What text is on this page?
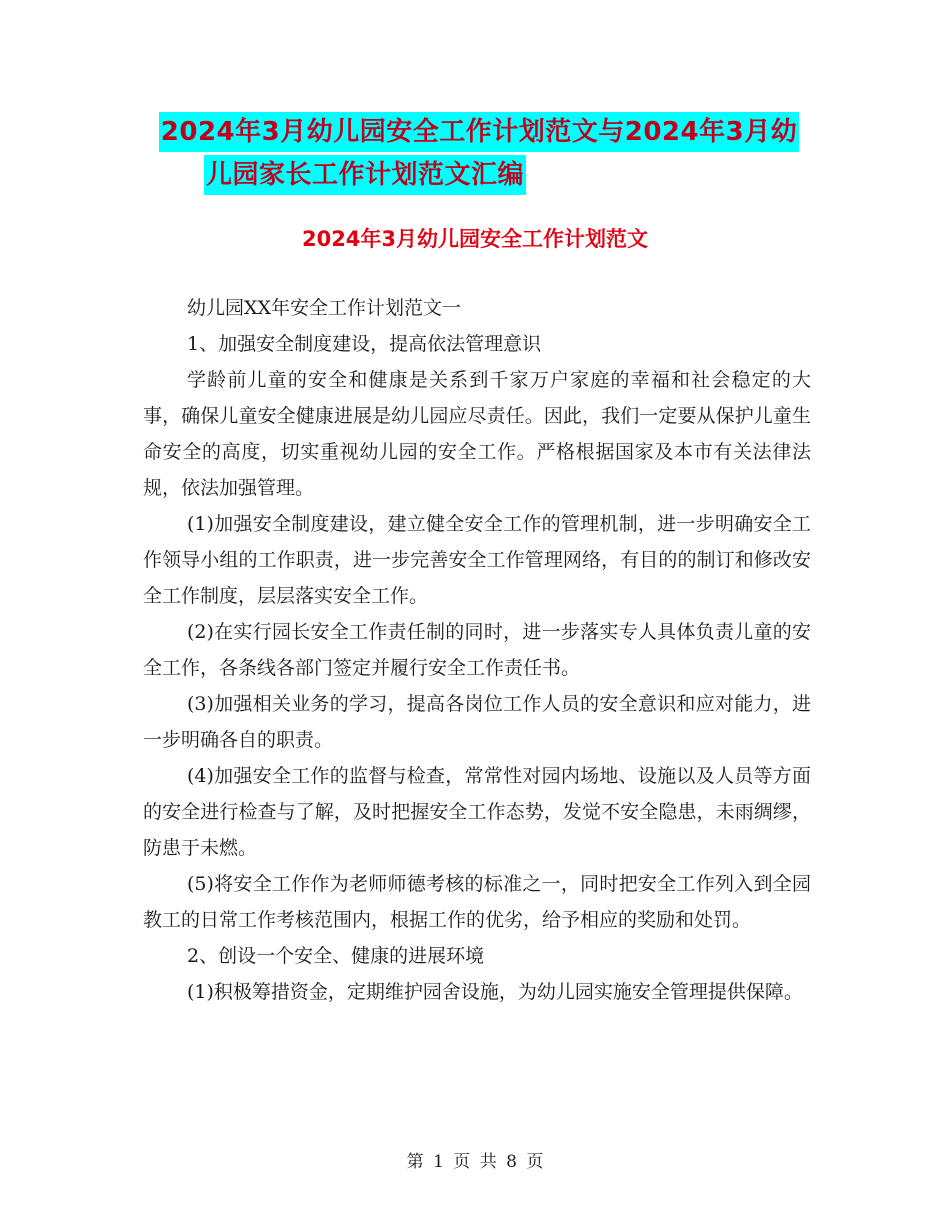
2024年3月幼儿园安全工作计划范文与2024年3月幼
儿园家长工作计划范文汇编
2024年3月幼儿园安全工作计划范文

幼儿园XX年安全工作计划范文一

1、加强安全制度建设，提高依法管理意识

学龄前儿童的安全和健康是关系到千家万户家庭的幸福和社会稳定的大事，确保儿童安全健康进展是幼儿园应尽责任。因此，我们一定要从保护儿童生命安全的高度，切实重视幼儿园的安全工作。严格根据国家及本市有关法律法规，依法加强管理。

(1)加强安全制度建设，建立健全安全工作的管理机制，进一步明确安全工作领导小组的工作职责，进一步完善安全工作管理网络，有目的的制订和修改安全工作制度，层层落实安全工作。

(2)在实行园长安全工作责任制的同时，进一步落实专人具体负责儿童的安全工作，各条线各部门签定并履行安全工作责任书。

(3)加强相关业务的学习，提高各岗位工作人员的安全意识和应对能力，进一步明确各自的职责。

(4)加强安全工作的监督与检查，常常性对园内场地、设施以及人员等方面的安全进行检查与了解，及时把握安全工作态势，发觉不安全隐患，未雨绸缪，防患于未燃。

(5)将安全工作作为老师师德考核的标准之一，同时把安全工作列入到全园教工的日常工作考核范围内，根据工作的优劣，给予相应的奖励和处罚。

2、创设一个安全、健康的进展环境

(1)积极筹措资金，定期维护园舍设施，为幼儿园实施安全管理提供保障。

第 1 页 共 8 页
